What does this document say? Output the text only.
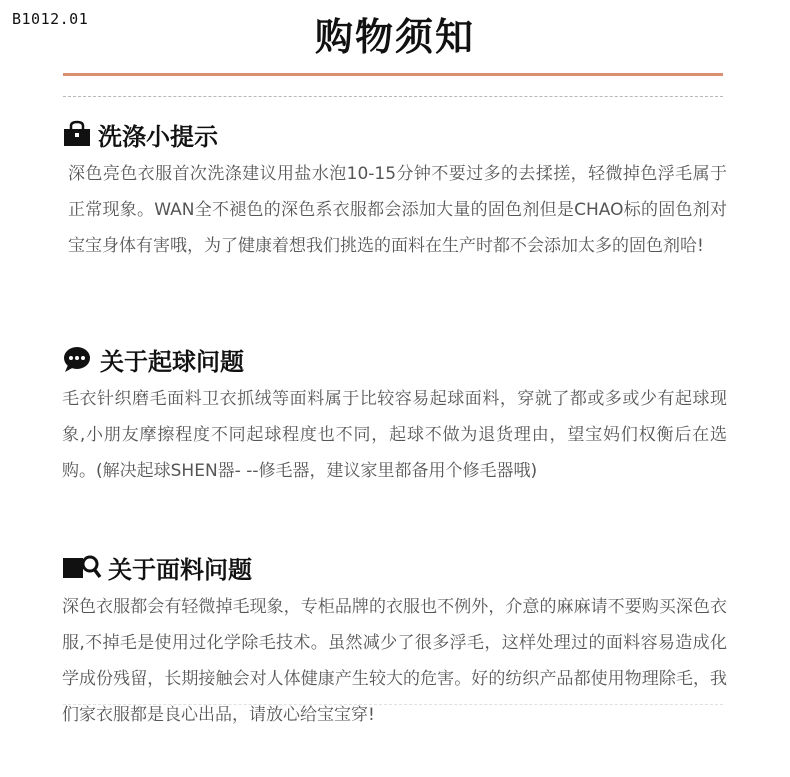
B1012.01	购物须知
洗涤小提示
深色亮色衣服首次洗涤建议用盐水泡10-15分钟不要过多的去揉搓，轻微掉色浮毛属于正常现象。WAN全不褪色的深色系衣服都会添加大量的固色剂但是CHAO标的固色剂对宝宝身体有害哦，为了健康着想我们挑选的面料在生产时都不会添加太多的固色剂哈!
关于起球问题
毛衣针织磨毛面料卫衣抓绒等面料属于比较容易起球面料，穿就了都或多或少有起球现象,小朋友摩擦程度不同起球程度也不同，起球不做为退货理由，望宝妈们权衡后在选购。(解决起球SHEN器- --修毛器，建议家里都备用个修毛器哦)
关于面料问题
深色衣服都会有轻微掉毛现象，专柜品牌的衣服也不例外，介意的麻麻请不要购买深色衣服,不掉毛是使用过化学除毛技术。虽然减少了很多浮毛，这样处理过的面料容易造成化学成份残留，长期接触会对人体健康产生较大的危害。好的纺织产品都使用物理除毛，我们家衣服都是良心出品，请放心给宝宝穿!
